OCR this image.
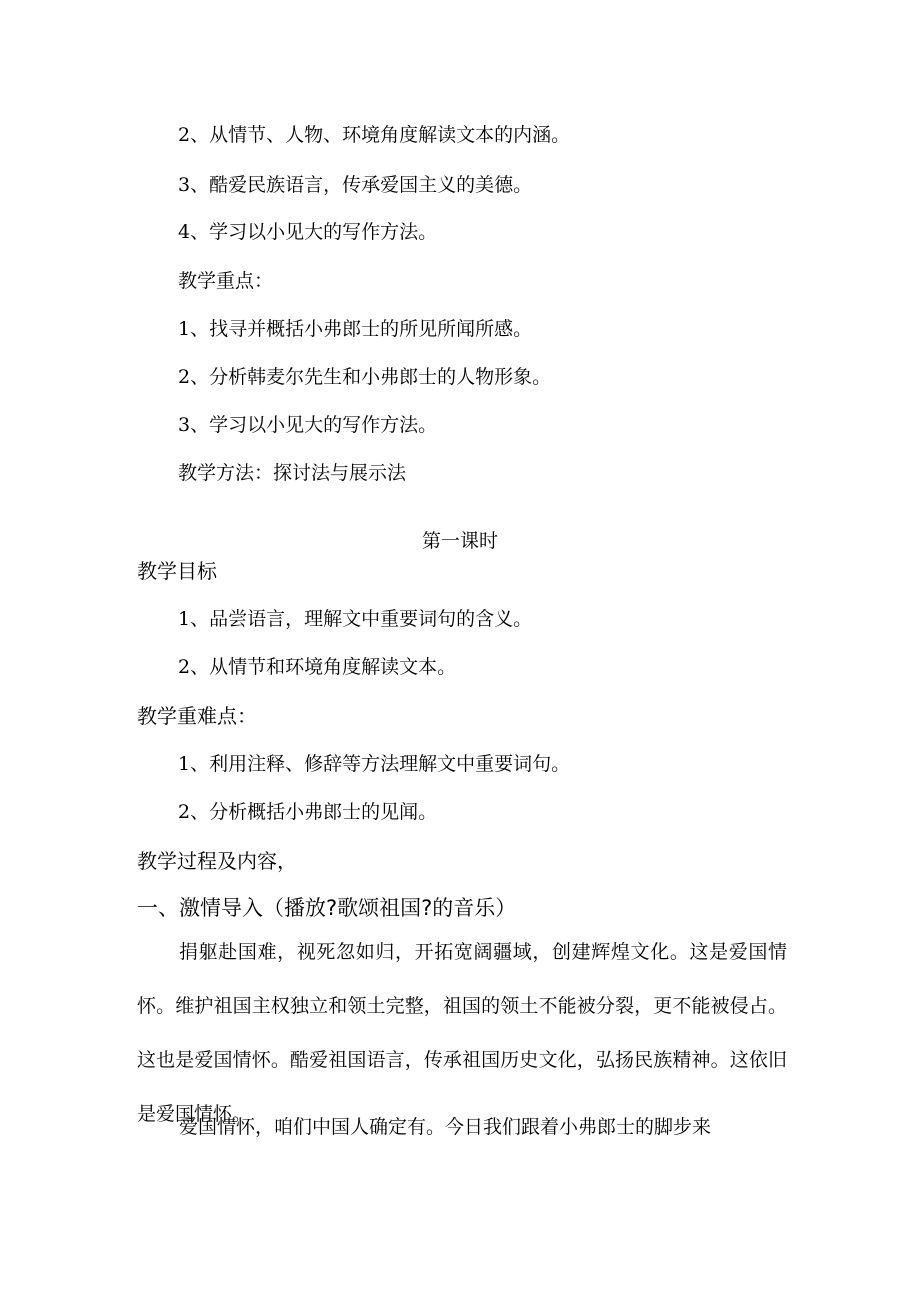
2、从情节、人物、环境角度解读文本的内涵。

3、酷爱民族语言，传承爱国主义的美德。

4、学习以小见大的写作方法。

教学重点：

1、找寻并概括小弗郎士的所见所闻所感。

2、分析韩麦尔先生和小弗郎士的人物形象。

3、学习以小见大的写作方法。

教学方法：探讨法与展示法

第一课时

教学目标

1、品尝语言，理解文中重要词句的含义。

2、从情节和环境角度解读文本。

教学重难点：

1、利用注释、修辞等方法理解文中重要词句。

2、分析概括小弗郎士的见闻。

教学过程及内容，

一、激情导入（播放?歌颂祖国?的音乐）

捐躯赴国难，视死忽如归，开拓宽阔疆域，创建辉煌文化。这是爱国情怀。维护祖国主权独立和领土完整，祖国的领土不能被分裂，更不能被侵占。这也是爱国情怀。酷爱祖国语言，传承祖国历史文化，弘扬民族精神。这依旧是爱国情怀。

爱国情怀，咱们中国人确定有。今日我们跟着小弗郎士的脚步来
